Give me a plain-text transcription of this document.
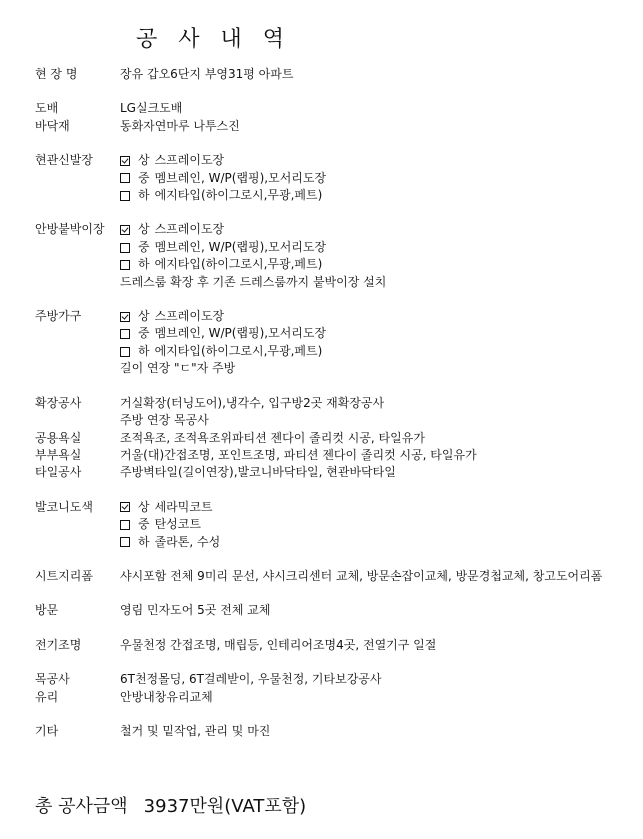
공 사 내 역
현 장 명	장유 갑오6단지 부영31평 아파트
도배	LG실크도배
바닥재	동화자연마루 나투스진
현관신발장	상 스프레이도장
중 멤브레인, W/P(랩핑),모서리도장
하 에지타입(하이그로시,무광,페트)
안방붙박이장	상 스프레이도장
중 멤브레인, W/P(랩핑),모서리도장
하 에지타입(하이그로시,무광,페트)
드레스룸 확장 후 기존 드레스룸까지 붙박이장 설치
주방가구	상 스프레이도장
중 멤브레인, W/P(랩핑),모서리도장
하 에지타입(하이그로시,무광,페트)
길이 연장 "ㄷ"자 주방
확장공사	거실확장(터닝도어),냉각수, 입구방2곳 재확장공사
주방 연장 목공사
공용욕실	조적욕조, 조적욕조위파티션 젠다이 졸리컷 시공, 타일유가
부부욕실	거울(대)간접조명, 포인트조명, 파티션 젠다이 졸리컷 시공, 타일유가
타일공사	주방벽타일(길이연장),발코니바닥타일, 현관바닥타일
발코니도색	상 세라믹코트
중 탄성코트
하 졸라톤, 수성
시트지리폼	샤시포함 전체 9미리 문선, 샤시크리센터 교체, 방문손잡이교체, 방문경첩교체, 창고도어리폼
방문	영림 민자도어 5곳 전체 교체
전기조명	우물천정 간접조명, 매립등, 인테리어조명4곳, 전열기구 일절
목공사	6T천정몰딩, 6T걸레받이, 우물천정, 기타보강공사
유리	안방내창유리교체
기타	철거 및 밑작업, 관리 및 마진
총 공사금액 3937만원(VAT포함)
